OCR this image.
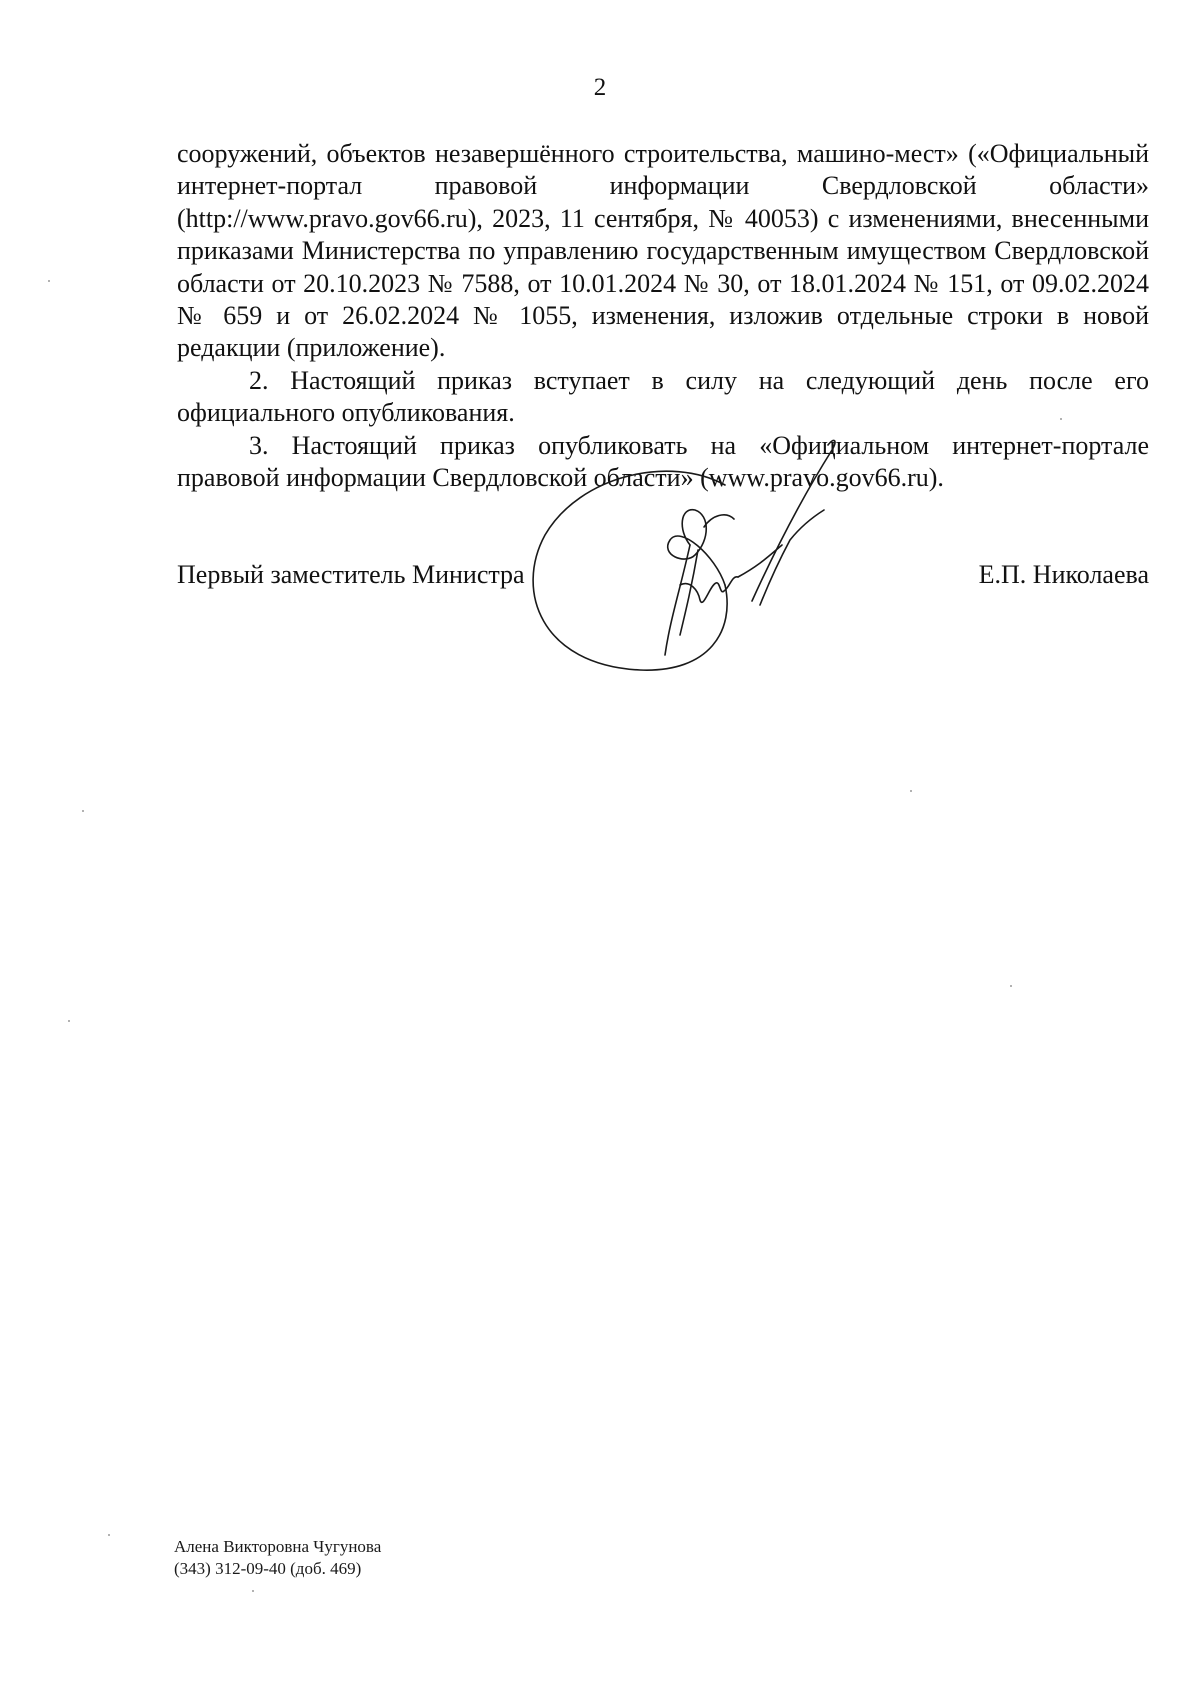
2

сооружений, объектов незавершённого строительства, машино-мест» («Официальный интернет-портал правовой информации Свердловской области» (http://www.pravo.gov66.ru), 2023, 11 сентября, № 40053) с изменениями, внесенными приказами Министерства по управлению государственным имуществом Свердловской области от 20.10.2023 № 7588, от 10.01.2024 № 30, от 18.01.2024 № 151, от 09.02.2024 № 659 и от 26.02.2024 № 1055, изменения, изложив отдельные строки в новой редакции (приложение).

2. Настоящий приказ вступает в силу на следующий день после его официального опубликования.

3. Настоящий приказ опубликовать на «Официальном интернет-портале правовой информации Свердловской области» (www.pravo.gov66.ru).

Первый заместитель Министра	Е.П. Николаева
Алена Викторовна Чугунова
(343) 312-09-40 (доб. 469)
